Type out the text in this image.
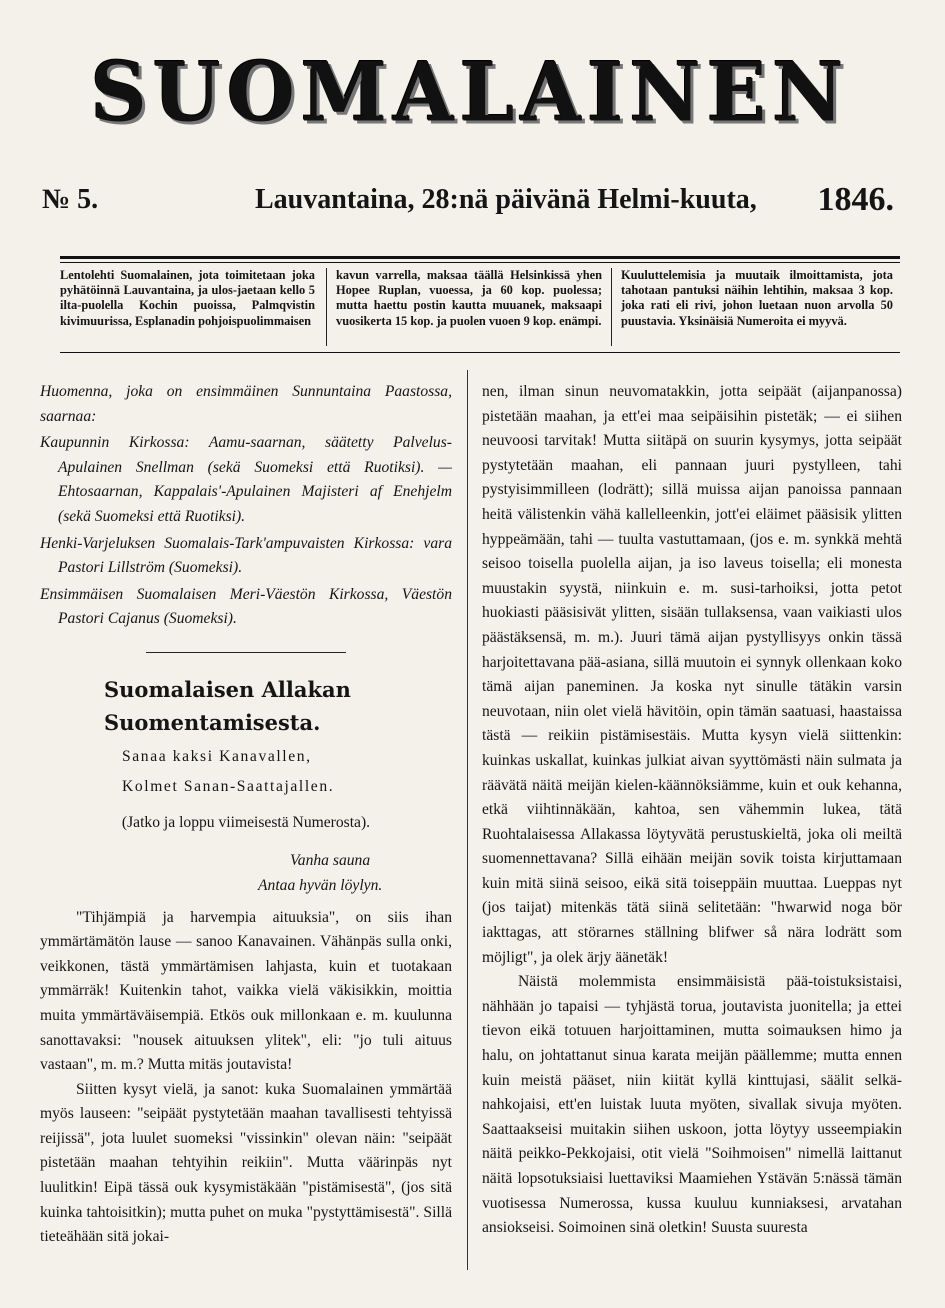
SUOMALAINEN
№ 5.	Lauvantaina, 28:nä päivänä Helmi-kuuta, 1846.
Lentolehti Suomalainen, jota toimitetaan joka pyhätöinnä Lauvantaina, ja ulos-jaetaan kello 5 ilta-puolella Kochin puoissa, Palmqvistin kivimuurissa, Esplanadin pohjoispuolimmaisen
kavun varrella, maksaa täällä Helsinkissä yhen Hopee Ruplan, vuoessa, ja 60 kop. puolessa; mutta haettu postin kautta muuanek, maksaapi vuosikerta 15 kop. ja puolen vuoen 9 kop. enämpi.
Kuuluttelemisia ja muutaik ilmoittamista, jota tahotaan pantuksi näihin lehtihin, maksaa 3 kop. joka rati eli rivi, johon luetaan nuon arvolla 50 puustavia. Yksinäisiä Numeroita ei myyvä.

Huomenna, joka on ensimmäinen Sunnuntaina Paastossa, saarnaa:

Kaupunnin Kirkossa: Aamu-saarnan, säätetty Palvelus-Apulainen Snellman (sekä Suomeksi että Ruotiksi). — Ehtosaarnan, Kappalais'-Apulainen Majisteri af Enehjelm (sekä Suomeksi että Ruotiksi).

Henki-Varjeluksen Suomalais-Tark'ampuvaisten Kirkossa: vara Pastori Lillström (Suomeksi).

Ensimmäisen Suomalaisen Meri-Väestön Kirkossa, Väestön Pastori Cajanus (Suomeksi).

Suomalaisen Allakan
Suomentamisesta.
Sanaa kaksi Kanavallen,
Kolmet Sanan-Saattajallen.
(Jatko ja loppu viimeisestä Numerosta).
Vanha sauna
Antaa hyvän löylyn.

"Tihjämpiä ja harvempia aituuksia", on siis ihan ymmärtämätön lause — sanoo Kanavainen. Vähänpäs sulla onki, veikkonen, tästä ymmärtämisen lahjasta, kuin et tuotakaan ymmärräk! Kuitenkin tahot, vaikka vielä väkisikkin, moittia muita ymmärtäväisempiä. Etkös ouk millonkaan e. m. kuulunna sanottavaksi: "nousek aituuksen ylitek", eli: "jo tuli aituus vastaan", m. m.? Mutta mitäs joutavista!

Siitten kysyt vielä, ja sanot: kuka Suomalainen ymmärtää myös lauseen: "seipäät pystytetään maahan tavallisesti tehtyissä reijissä", jota luulet suomeksi "vissinkin" olevan näin: "seipäät pistetään maahan tehtyihin reikiin". Mutta väärinpäs nyt luulitkin! Eipä tässä ouk kysymistäkään "pistämisestä", (jos sitä kuinka tahtoisitkin); mutta puhet on muka "pystyttämisestä". Sillä tieteähään sitä jokai-

nen, ilman sinun neuvomatakkin, jotta seipäät (aijanpanossa) pistetään maahan, ja ett'ei maa seipäisihin pistetäk; — ei siihen neuvoosi tarvitak! Mutta siitäpä on suurin kysymys, jotta seipäät pystytetään maahan, eli pannaan juuri pystylleen, tahi pystyisimmilleen (lodrätt); sillä muissa aijan panoissa pannaan heitä välistenkin vähä kallelleenkin, jott'ei eläimet pääsisik ylitten hyppeämään, tahi — tuulta vastuttamaan, (jos e. m. synkkä mehtä seisoo toisella puolella aijan, ja iso laveus toisella; eli monesta muustakin syystä, niinkuin e. m. susi-tarhoiksi, jotta petot huokiasti pääsisivät ylitten, sisään tullaksensa, vaan vaikiasti ulos päästäksensä, m. m.). Juuri tämä aijan pystyllisyys onkin tässä harjoitettavana pää-asiana, sillä muutoin ei synnyk ollenkaan koko tämä aijan paneminen. Ja koska nyt sinulle tätäkin varsin neuvotaan, niin olet vielä hävitöin, opin tämän saatuasi, haastaissa tästä — reikiin pistämisestäis. Mutta kysyn vielä siittenkin: kuinkas uskallat, kuinkas julkiat aivan syyttömästi näin sulmata ja räävätä näitä meijän kielen-käännöksiämme, kuin et ouk kehanna, etkä viihtinnäkään, kahtoa, sen vähemmin lukea, tätä Ruohtalaisessa Allakassa löytyvätä perustuskieltä, joka oli meiltä suomennettavana? Sillä eihään meijän sovik toista kirjuttamaan kuin mitä siinä seisoo, eikä sitä toiseppäin muuttaa. Lueppas nyt (jos taijat) mitenkäs tätä siinä selitetään: "hwarwid noga bör iakttagas, att störarnes ställning blifwer så nära lodrätt som möjligt", ja olek ärjy äänetäk!

Näistä molemmista ensimmäisistä pää-toistuksistaisi, nähhään jo tapaisi — tyhjästä torua, joutavista juonitella; ja ettei tievon eikä totuuen harjoittaminen, mutta soimauksen himo ja halu, on johtattanut sinua karata meijän päällemme; mutta ennen kuin meistä pääset, niin kiität kyllä kinttujasi, säälit selkä-nahkojaisi, ett'en luistak luuta myöten, sivallak sivuja myöten. Saattaakseisi muitakin siihen uskoon, jotta löytyy usseempiakin näitä peikko-Pekkojaisi, otit vielä "Soihmoisen" nimellä laittanut näitä lopsotuksiaisi luettaviksi Maamiehen Ystävän 5:nässä tämän vuotisessa Numerossa, kussa kuuluu kunniaksesi, arvatahan ansiokseisi. Soimoinen sinä oletkin! Suusta suuresta
